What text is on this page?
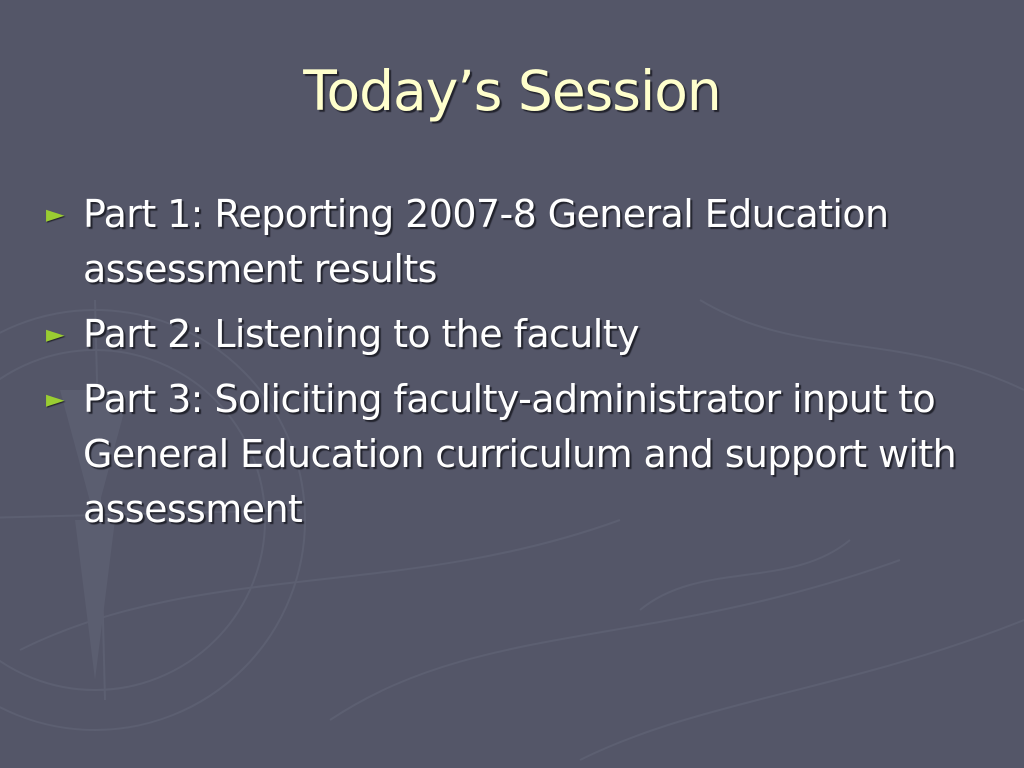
Today’s Session
► Part 1: Reporting 2007-8 General Education assessment results
► Part 2: Listening to the faculty
► Part 3: Soliciting faculty-administrator input to General Education curriculum and support with assessment
